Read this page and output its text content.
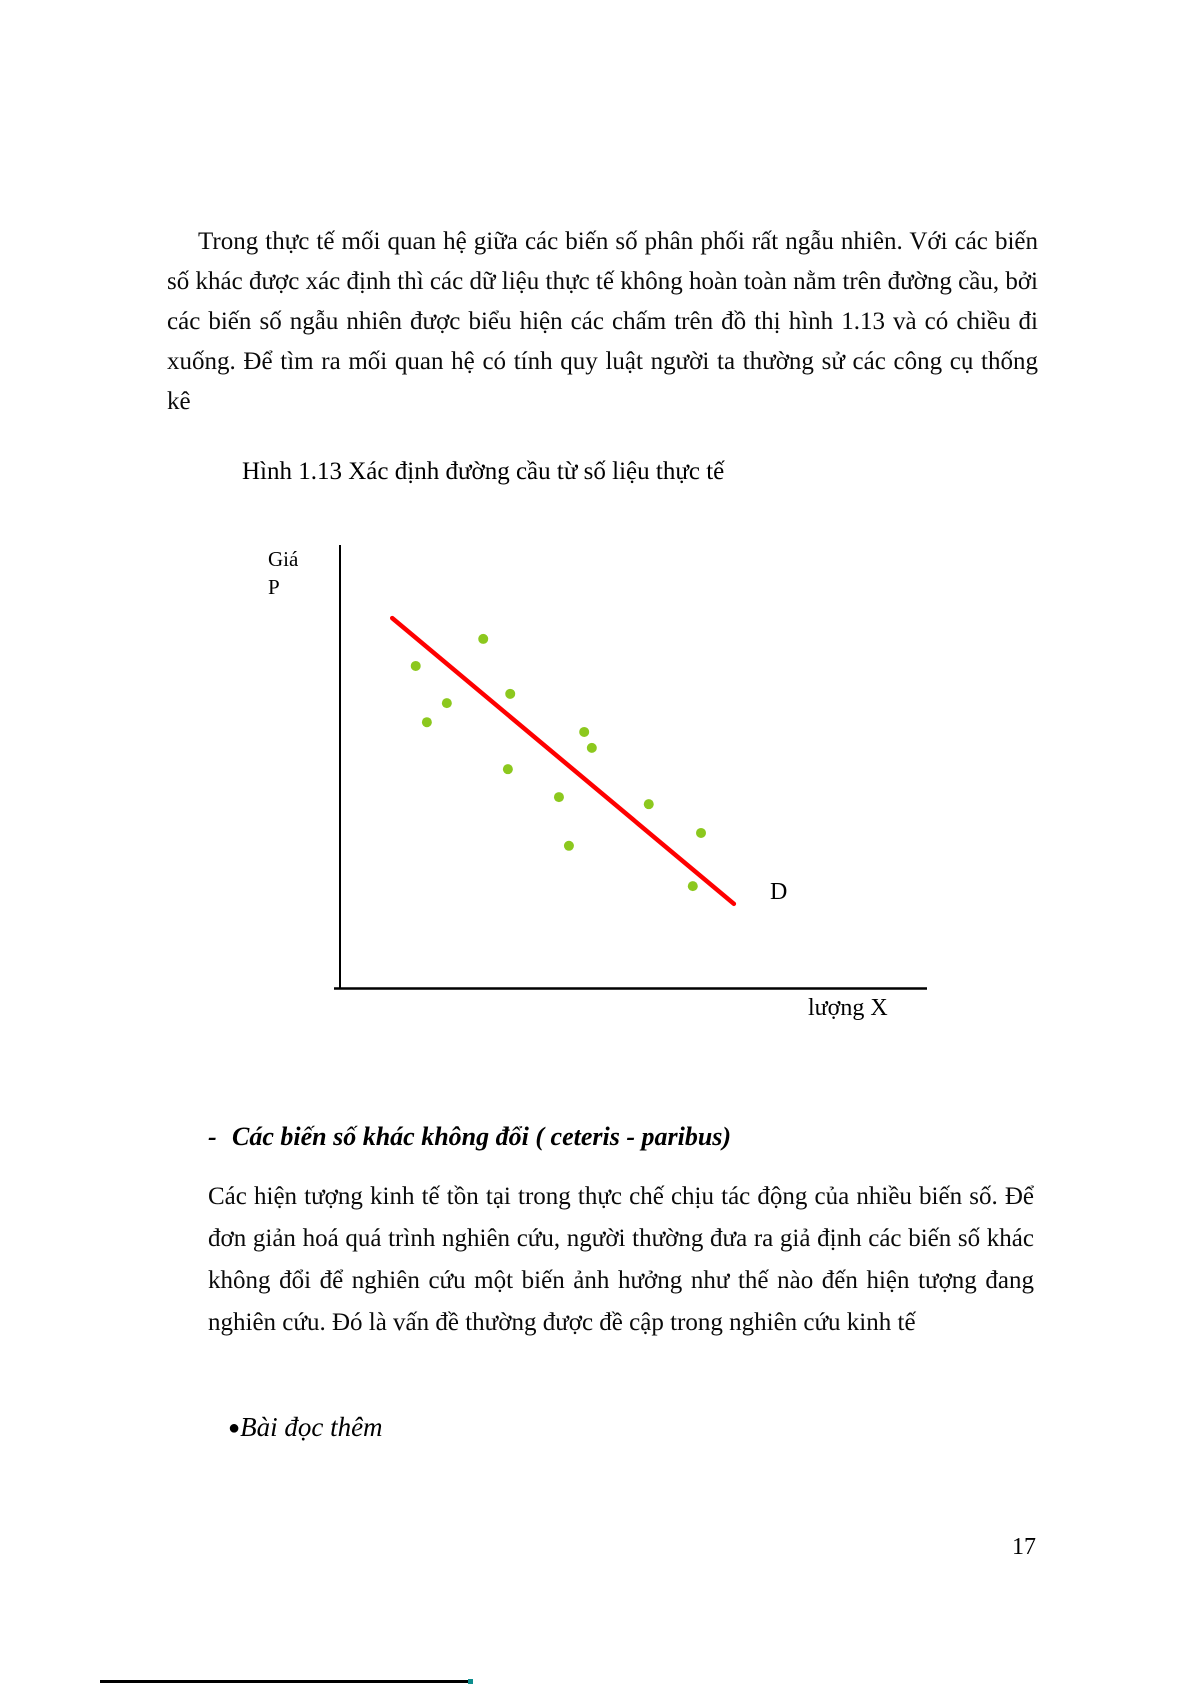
Trong thực tế mối quan hệ giữa các biến số phân phối rất ngẫu nhiên. Với các biến số khác được xác định thì các dữ liệu thực tế không hoàn toàn nằm trên đường cầu, bởi các biến số ngẫu nhiên được biểu hiện các chấm trên đồ thị hình 1.13 và có chiều đi xuống. Để tìm ra mối quan hệ có tính quy luật người ta thường sử các công cụ thống kê

Hình 1.13 Xác định đường cầu từ số liệu thực tế

Giá
P
D
lượng X
- Các biến số khác không đổi ( ceteris - paribus)

Các hiện tượng kinh tế tồn tại trong thực chế chịu tác động của nhiều biến số. Để đơn giản hoá quá trình nghiên cứu, người thường đưa ra giả định các biến số khác không đổi để nghiên cứu một biến ảnh hưởng như thế nào đến hiện tượng đang nghiên cứu. Đó là vấn đề thường được đề cập trong nghiên cứu kinh tế

●Bài đọc thêm
17
